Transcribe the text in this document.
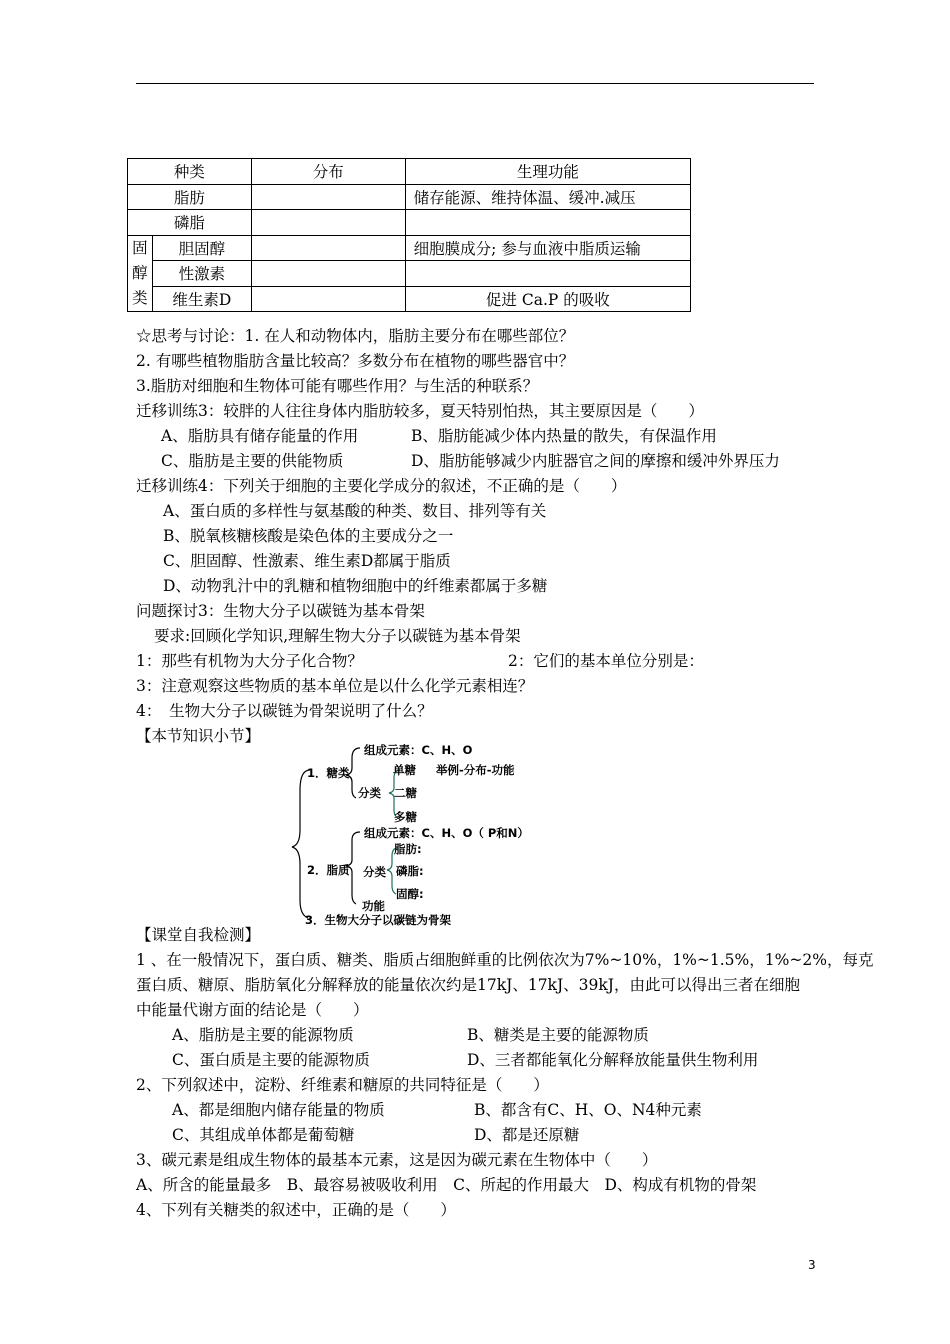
种类		分布	生理功能
脂肪			储存能源、维持体温、缓冲.减压
磷脂			
固
醇
类	胆固醇		细胞膜成分; 参与血液中脂质运输
	性激素		
	维生素D		促进 Ca.P 的吸收
☆思考与讨论：1. 在人和动物体内，脂肪主要分布在哪些部位？
2. 有哪些植物脂肪含量比较高？多数分布在植物的哪些器官中？
3.脂肪对细胞和生物体可能有哪些作用？与生活的种联系？
迁移训练3：较胖的人往往身体内脂肪较多，夏天特别怕热，其主要原因是（　　）
A、脂肪具有储存能量的作用	B、脂肪能减少体内热量的散失，有保温作用
C、脂肪是主要的供能物质	D、脂肪能够减少内脏器官之间的摩擦和缓冲外界压力
迁移训练4：下列关于细胞的主要化学成分的叙述，不正确的是（　　）
A、蛋白质的多样性与氨基酸的种类、数目、排列等有关
B、脱氧核糖核酸是染色体的主要成分之一
C、胆固醇、性激素、维生素D都属于脂质
D、动物乳汁中的乳糖和植物细胞中的纤维素都属于多糖
问题探讨3：生物大分子以碳链为基本骨架
要求:回顾化学知识,理解生物大分子以碳链为基本骨架
1：那些有机物为大分子化合物？	2：它们的基本单位分别是：
3：注意观察这些物质的基本单位是以什么化学元素相连？
4：　生物大分子以碳链为骨架说明了什么？
【本节知识小节】
组成元素：C、H、O
1．糖类	单糖 举例-分布-功能
分类 二糖
多糖
组成元素：C、H、O（ P和N）
脂肪:
2．脂质 分类 磷脂:
固醇:
功能
3．生物大分子以碳链为骨架
【课堂自我检测】
1 、在一般情况下，蛋白质、糖类、脂质占细胞鲜重的比例依次为7%~10%，1%~1.5%，1%~2%，每克
蛋白质、糖原、脂肪氧化分解释放的能量依次约是17kJ、17kJ、39kJ，由此可以得出三者在细胞
中能量代谢方面的结论是（　　）
A、脂肪是主要的能源物质	B、糖类是主要的能源物质
C、蛋白质是主要的能源物质	D、三者都能氧化分解释放能量供生物利用
2、下列叙述中，淀粉、纤维素和糖原的共同特征是（　　）
A、都是细胞内储存能量的物质	B、都含有C、H、O、N4种元素
C、其组成单体都是葡萄糖	D、都是还原糖
3、碳元素是组成生物体的最基本元素，这是因为碳元素在生物体中（　　）
A、所含的能量最多　B、最容易被吸收利用　C、所起的作用最大　D、构成有机物的骨架
4、下列有关糖类的叙述中，正确的是（　　）
3
